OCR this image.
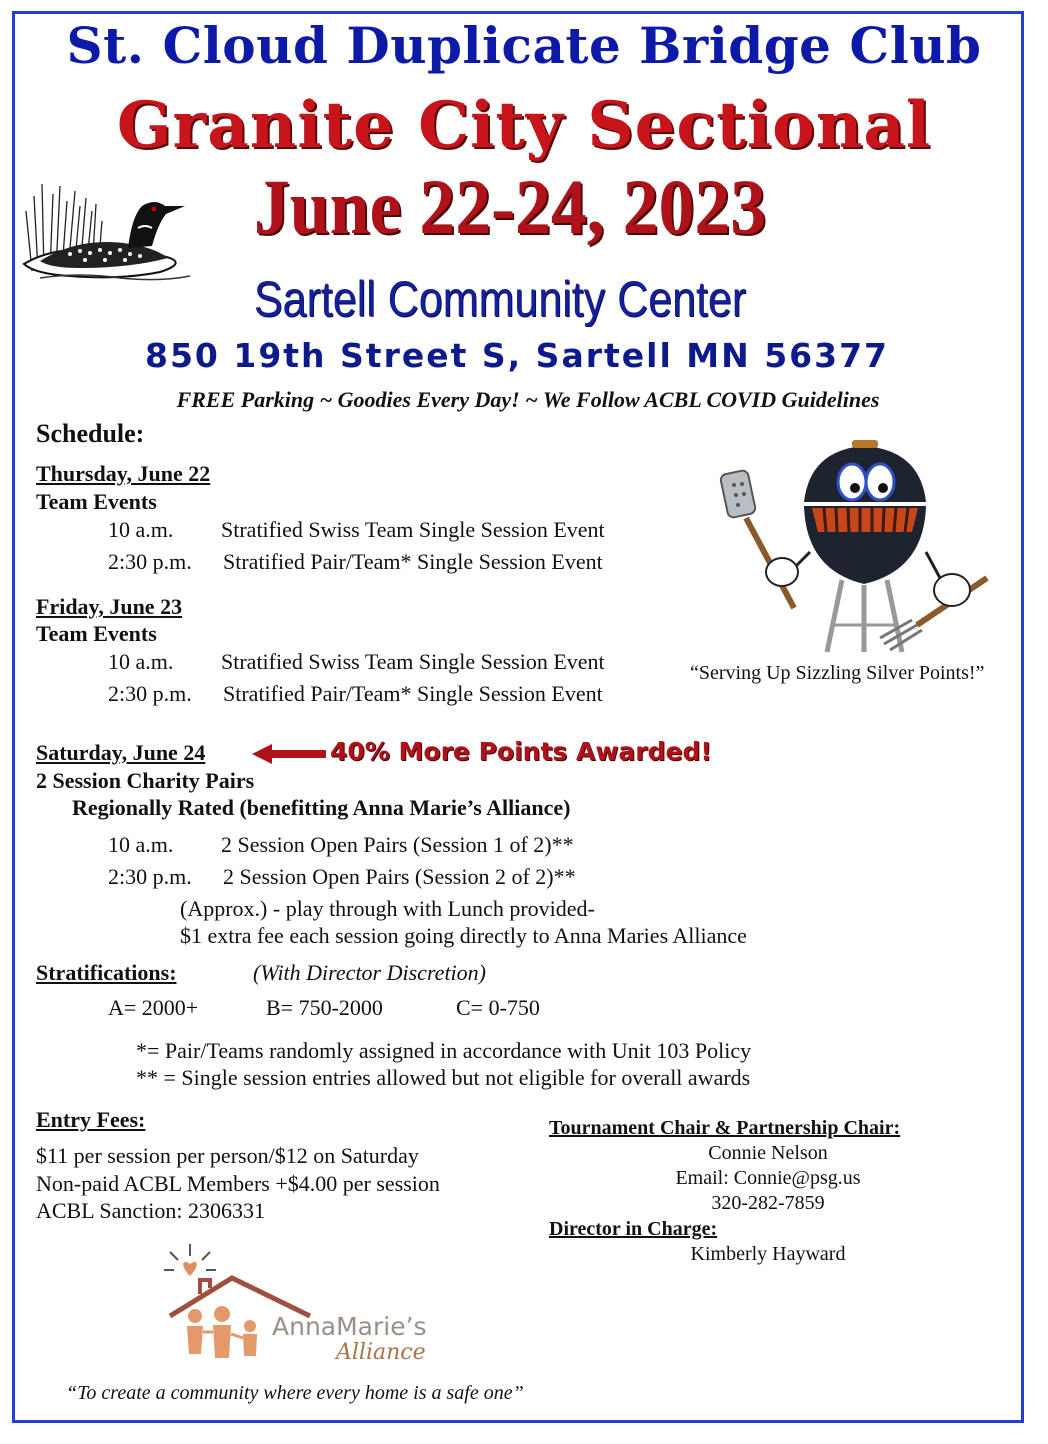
St. Cloud Duplicate Bridge Club
Granite City Sectional
June 22-24, 2023
Sartell Community Center
850 19th Street S, Sartell MN 56377
FREE Parking ~ Goodies Every Day! ~ We Follow ACBL COVID Guidelines
Schedule:
Thursday, June 22
Team Events
10 a.m. Stratified Swiss Team Single Session Event
2:30 p.m. Stratified Pair/Team* Single Session Event
Friday, June 23
Team Events
10 a.m. Stratified Swiss Team Single Session Event
2:30 p.m. Stratified Pair/Team* Single Session Event
“Serving Up Sizzling Silver Points!”
Saturday, June 24	40% More Points Awarded!
2 Session Charity Pairs
Regionally Rated (benefitting Anna Marie’s Alliance)
10 a.m. 2 Session Open Pairs (Session 1 of 2)**
2:30 p.m. 2 Session Open Pairs (Session 2 of 2)**
(Approx.) - play through with Lunch provided-
$1 extra fee each session going directly to Anna Maries Alliance
Stratifications:	(With Director Discretion)
A= 2000+	B= 750-2000	C= 0-750
*= Pair/Teams randomly assigned in accordance with Unit 103 Policy
** = Single session entries allowed but not eligible for overall awards
Entry Fees:
$11 per session per person/$12 on Saturday
Non-paid ACBL Members +$4.00 per session
ACBL Sanction: 2306331
Tournament Chair & Partnership Chair:
Connie Nelson
Email: Connie@psg.us
320-282-7859
Director in Charge:
Kimberly Hayward
AnnaMarie’s
Alliance
“To create a community where every home is a safe one”
